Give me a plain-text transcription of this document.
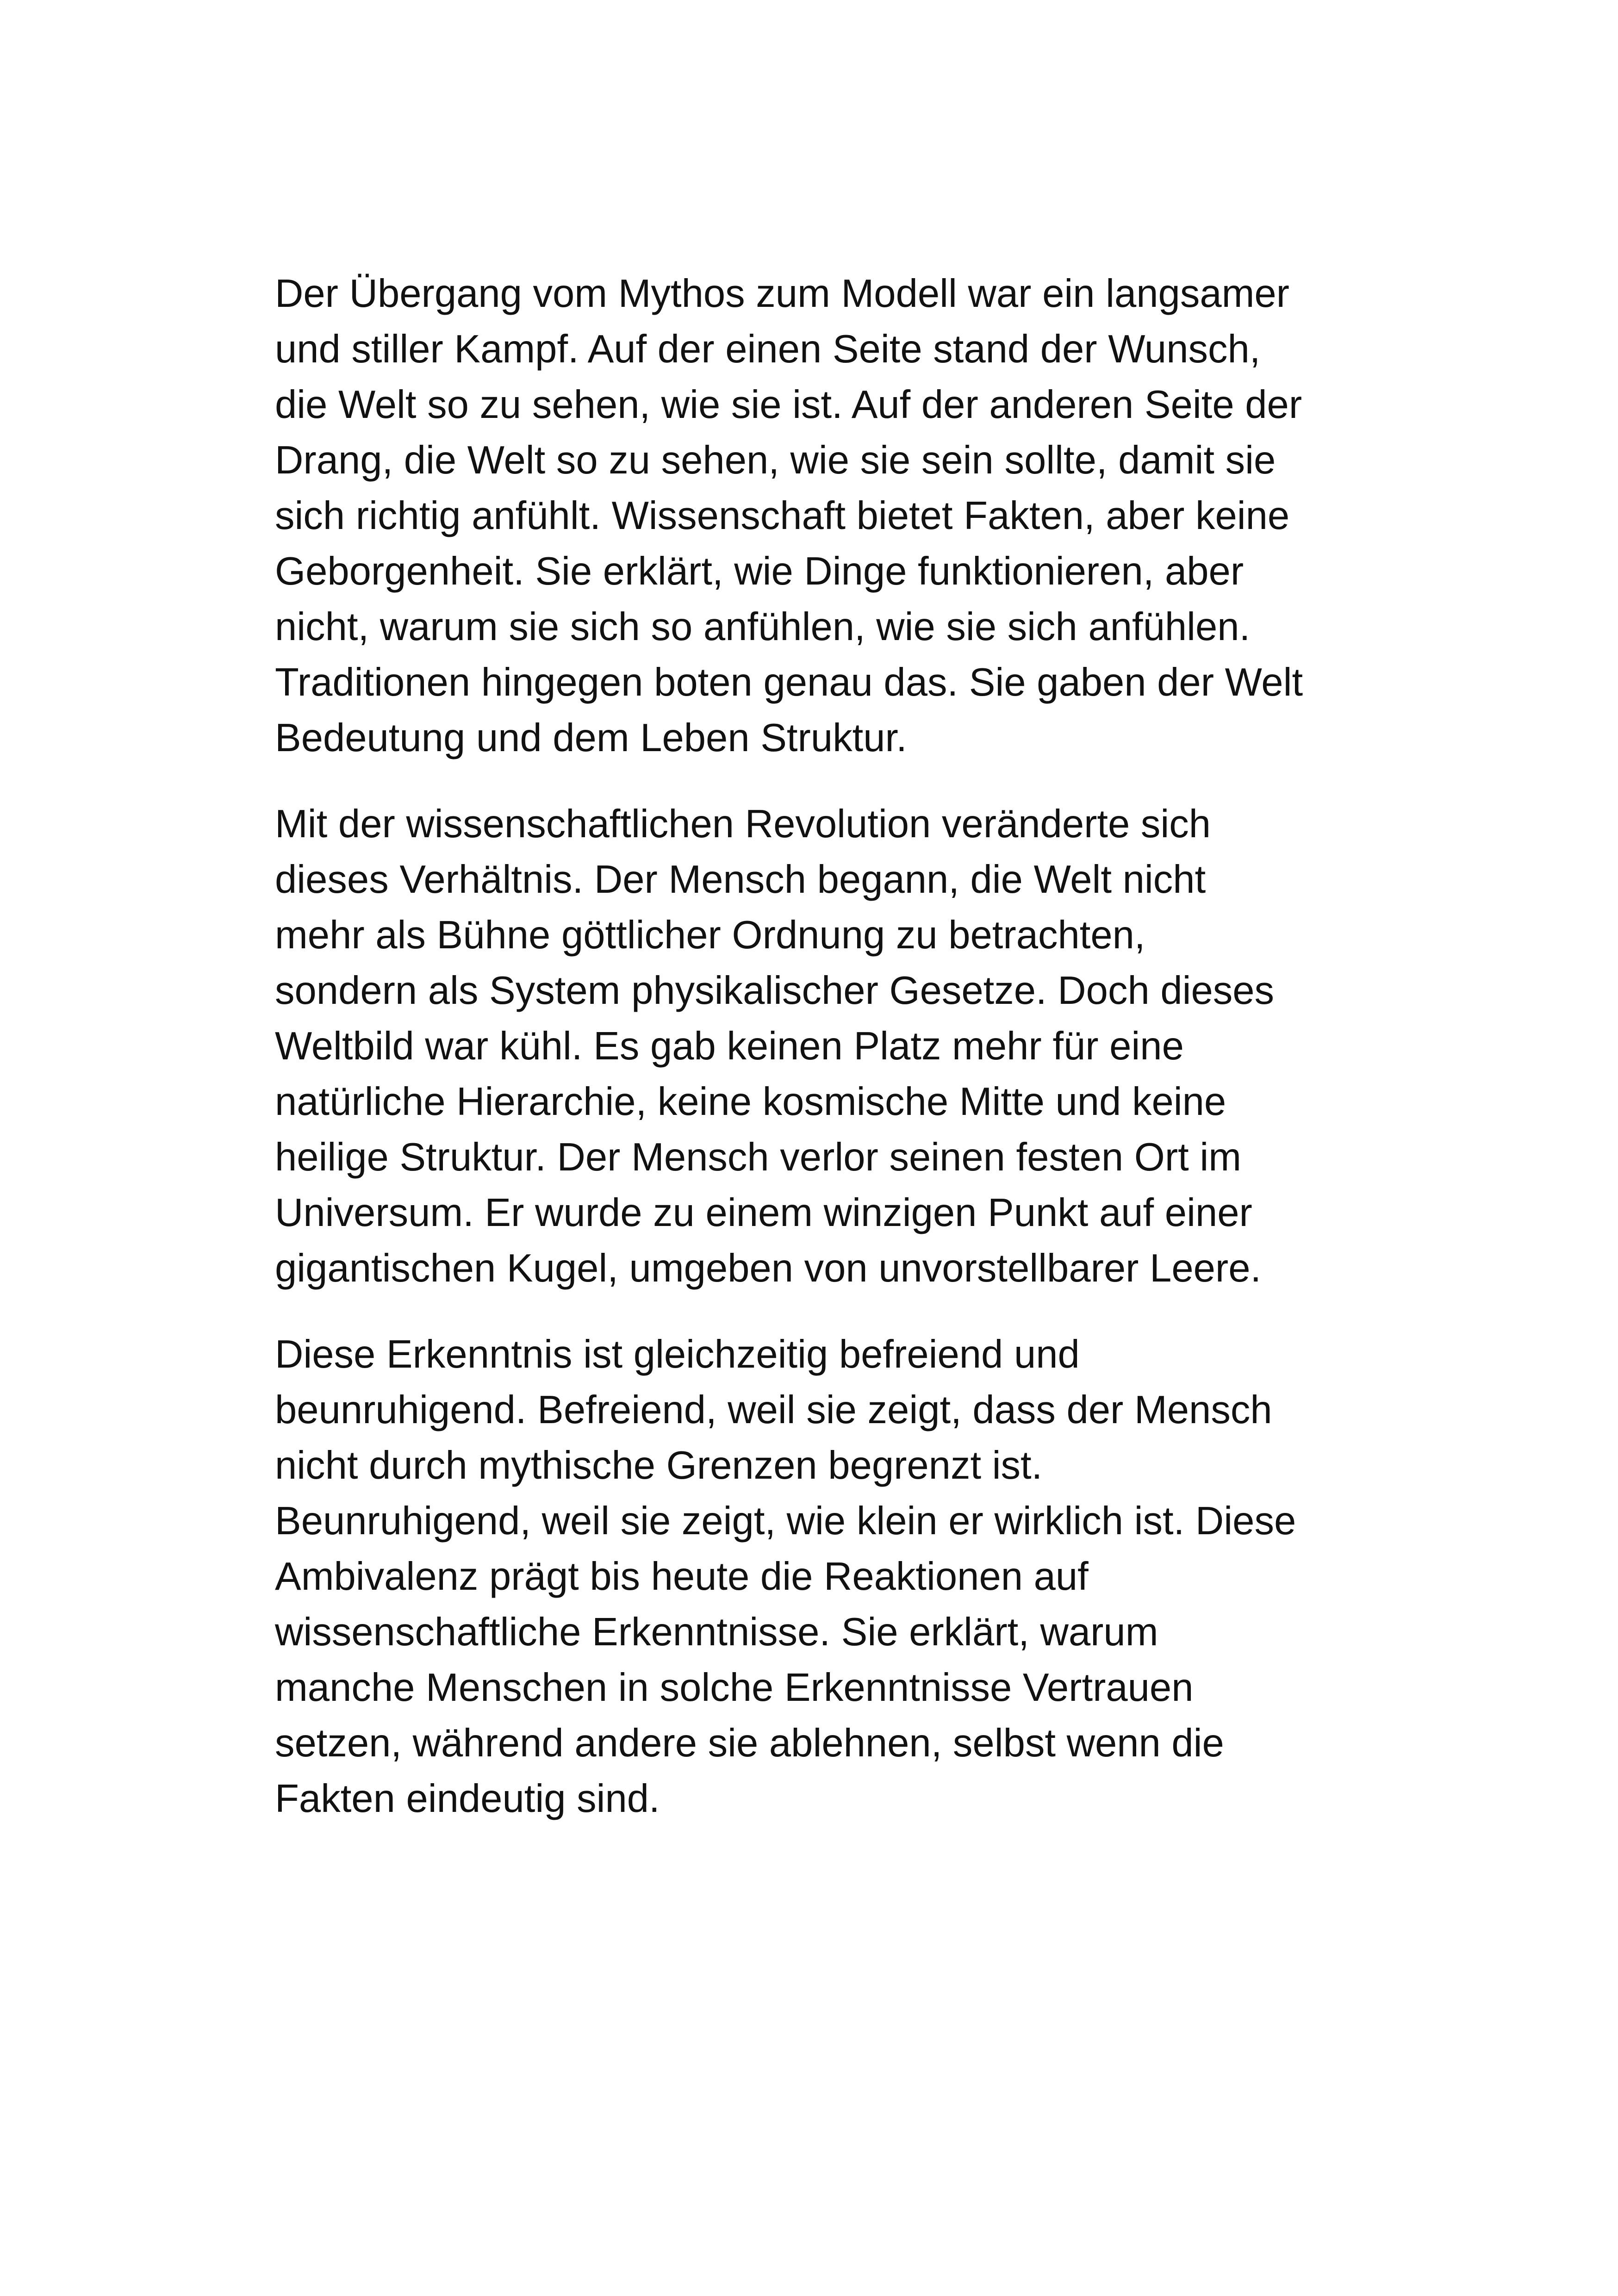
Der Übergang vom Mythos zum Modell war ein langsamer
und stiller Kampf. Auf der einen Seite stand der Wunsch,
die Welt so zu sehen, wie sie ist. Auf der anderen Seite der
Drang, die Welt so zu sehen, wie sie sein sollte, damit sie
sich richtig anfühlt. Wissenschaft bietet Fakten, aber keine
Geborgenheit. Sie erklärt, wie Dinge funktionieren, aber
nicht, warum sie sich so anfühlen, wie sie sich anfühlen.
Traditionen hingegen boten genau das. Sie gaben der Welt
Bedeutung und dem Leben Struktur.

Mit der wissenschaftlichen Revolution veränderte sich
dieses Verhältnis. Der Mensch begann, die Welt nicht
mehr als Bühne göttlicher Ordnung zu betrachten,
sondern als System physikalischer Gesetze. Doch dieses
Weltbild war kühl. Es gab keinen Platz mehr für eine
natürliche Hierarchie, keine kosmische Mitte und keine
heilige Struktur. Der Mensch verlor seinen festen Ort im
Universum. Er wurde zu einem winzigen Punkt auf einer
gigantischen Kugel, umgeben von unvorstellbarer Leere.

Diese Erkenntnis ist gleichzeitig befreiend und
beunruhigend. Befreiend, weil sie zeigt, dass der Mensch
nicht durch mythische Grenzen begrenzt ist.
Beunruhigend, weil sie zeigt, wie klein er wirklich ist. Diese
Ambivalenz prägt bis heute die Reaktionen auf
wissenschaftliche Erkenntnisse. Sie erklärt, warum
manche Menschen in solche Erkenntnisse Vertrauen
setzen, während andere sie ablehnen, selbst wenn die
Fakten eindeutig sind.
